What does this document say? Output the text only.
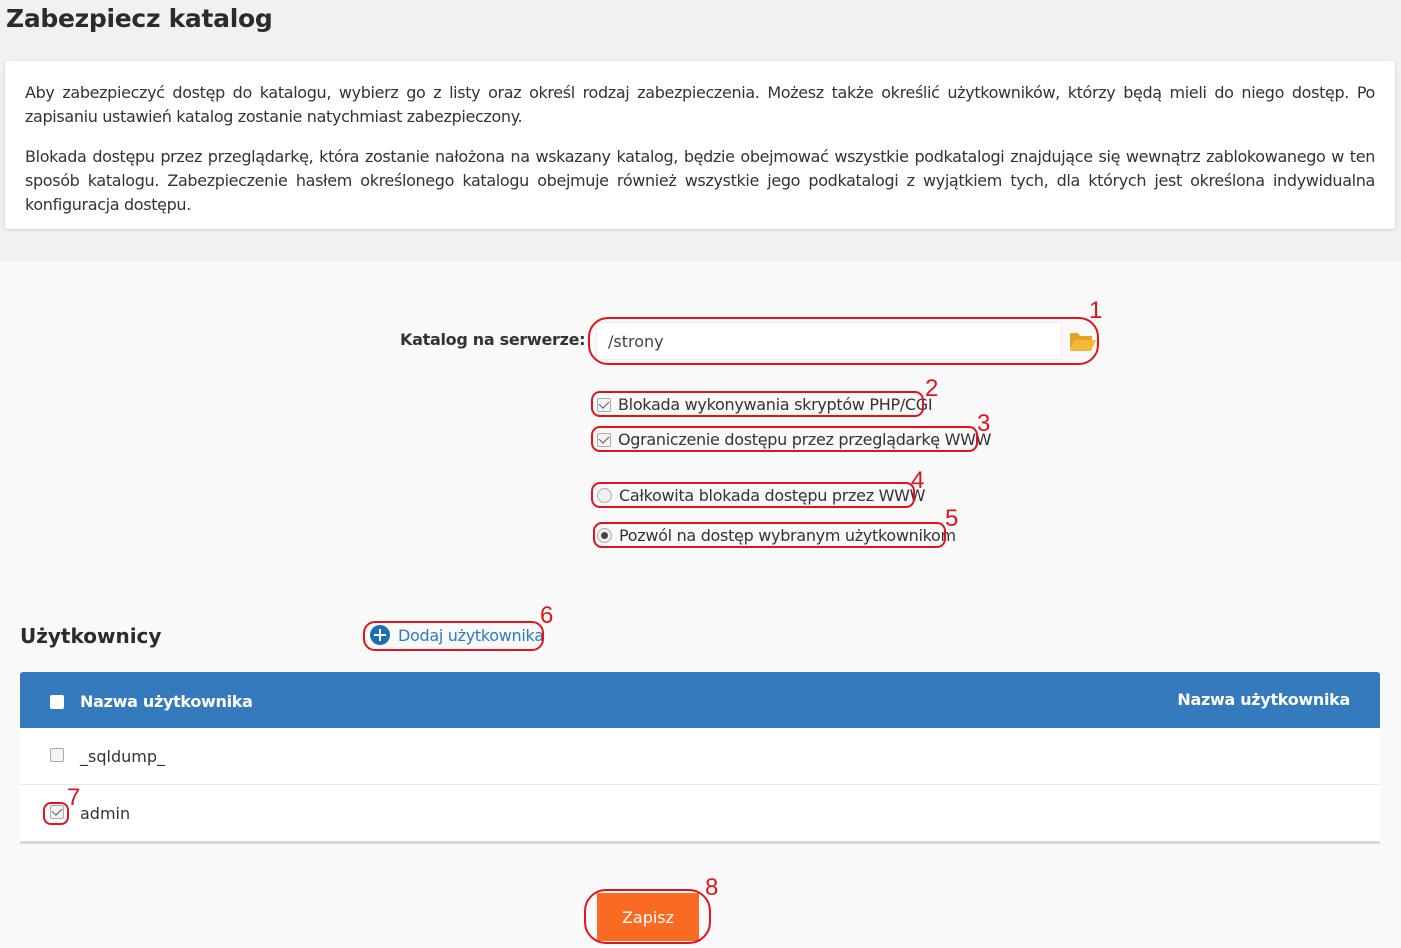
Zabezpiecz katalog

Aby zabezpieczyć dostęp do katalogu, wybierz go z listy oraz określ rodzaj zabezpieczenia. Możesz także określić użytkowników, którzy będą mieli do niego dostęp. Po zapisaniu ustawień katalog zostanie natychmiast zabezpieczony.

Blokada dostępu przez przeglądarkę, która zostanie nałożona na wskazany katalog, będzie obejmować wszystkie podkatalogi znajdujące się wewnątrz zablokowanego w ten sposób katalogu. Zabezpieczenie hasłem określonego katalogu obejmuje również wszystkie jego podkatalogi z wyjątkiem tych, dla których jest określona indywidualna konfiguracja dostępu.

Katalog na serwerze:
/strony
Blokada wykonywania skryptów PHP/CGI
Ograniczenie dostępu przez przeglądarkę WWW
Całkowita blokada dostępu przez WWW
Pozwól na dostęp wybranym użytkownikom
Użytkownicy	Dodaj użytkownika
Nazwa użytkownika	Nazwa użytkownika
_sqldump_
admin
Zapisz
1
2
3
4
5
6
7
8
